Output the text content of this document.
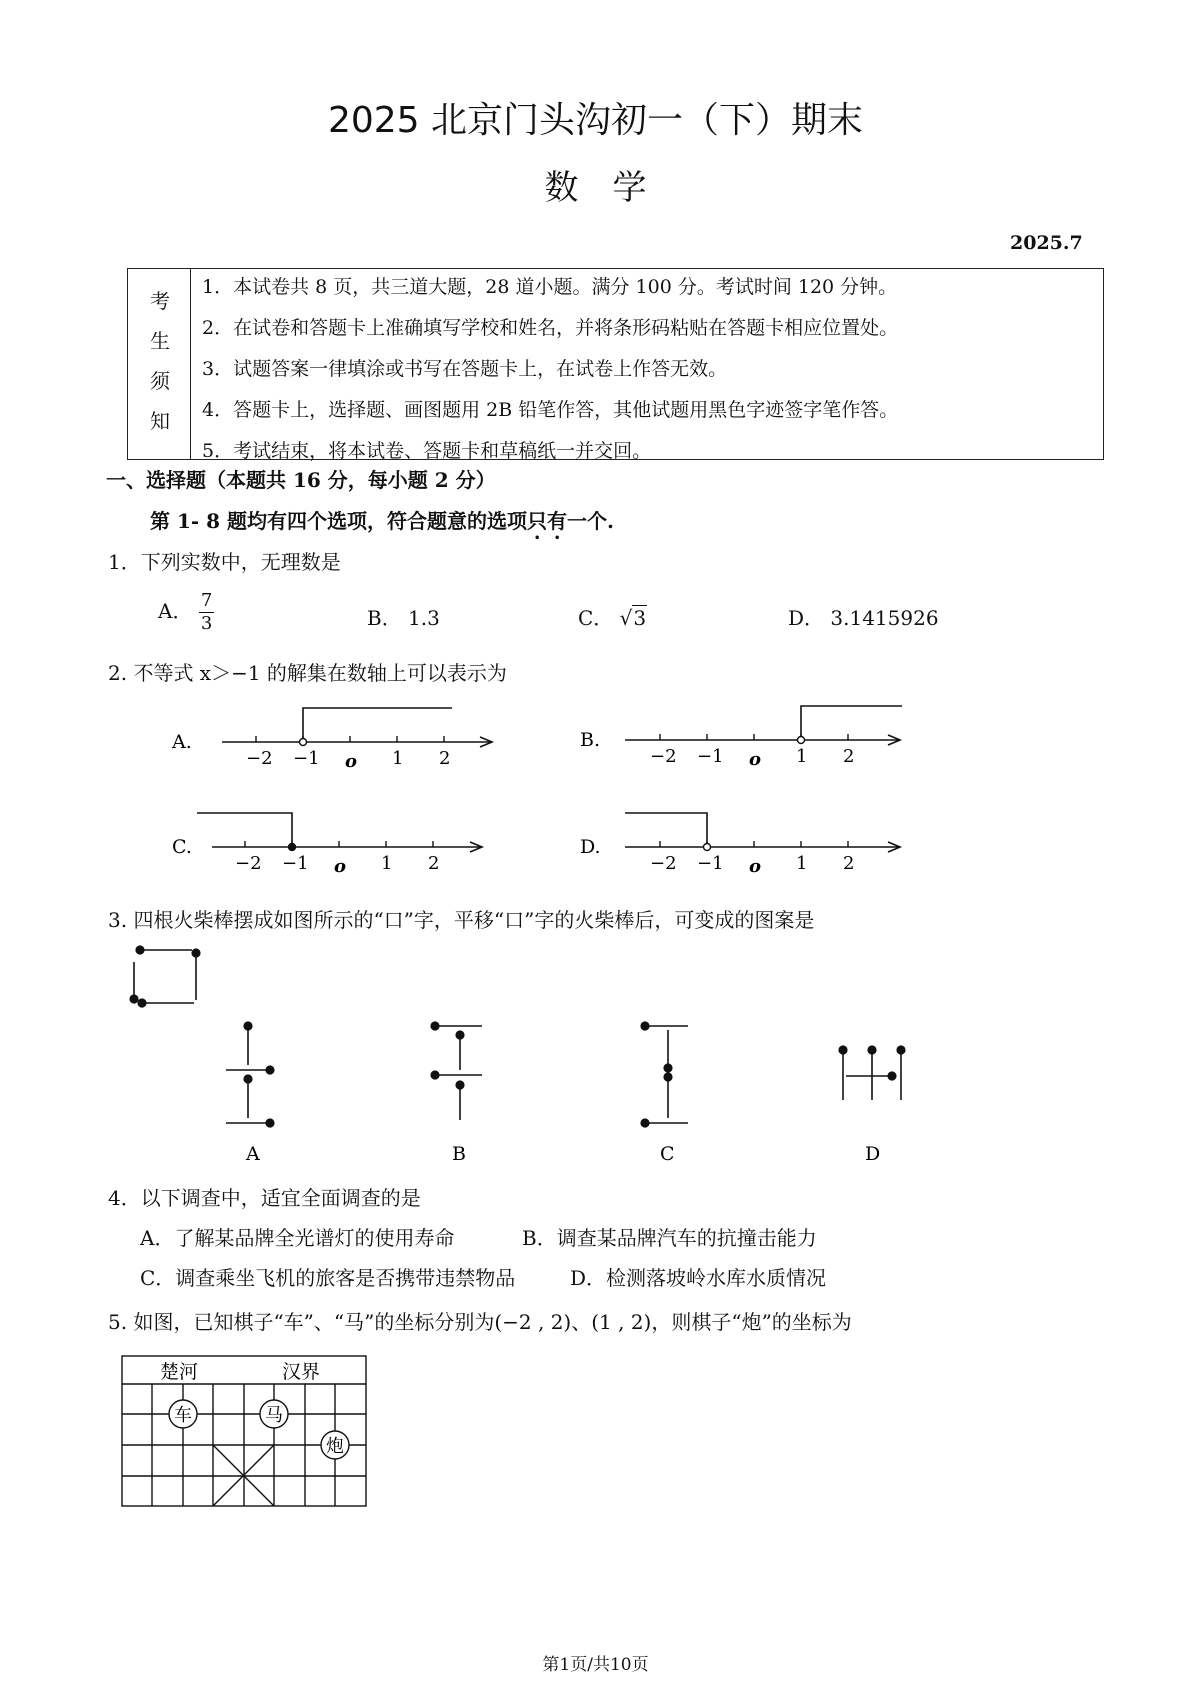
2025 北京门头沟初一（下）期末
数学
2025.7
考
生
须
知
1．本试卷共 8 页，共三道大题，28 道小题。满分 100 分。考试时间 120 分钟。
2．在试卷和答题卡上准确填写学校和姓名，并将条形码粘贴在答题卡相应位置处。
3．试题答案一律填涂或书写在答题卡上，在试卷上作答无效。
4．答题卡上，选择题、画图题用 2B 铅笔作答，其他试题用黑色字迹签字笔作答。
5．考试结束，将本试卷、答题卡和草稿纸一并交回。
一、选择题（本题共 16 分，每小题 2 分）
第 1- 8 题均有四个选项，符合题意的选项只有一个.
1．下列实数中，无理数是
A． $\frac{7}{3}$	B． 1.3	C． √3	D． 3.1415926
2. 不等式 x＞−1 的解集在数轴上可以表示为
A.
−2 −1 o 1 2
B.
−2 −1 o 1 2
C.
−2 −1 o 1 2
D.
−2 −1 o 1 2
3. 四根火柴棒摆成如图所示的“口”字，平移“口”字的火柴棒后，可变成的图案是
A	B	C	D
4．以下调查中，适宜全面调查的是
A．了解某品牌全光谱灯的使用寿命	B．调查某品牌汽车的抗撞击能力
C．调查乘坐飞机的旅客是否携带违禁物品	D．检测落坡岭水库水质情况
5. 如图，已知棋子“车”、“马”的坐标分别为(−2 , 2)、(1 , 2)，则棋子“炮”的坐标为
楚河	汉界
车	马
炮
第1页/共10页
